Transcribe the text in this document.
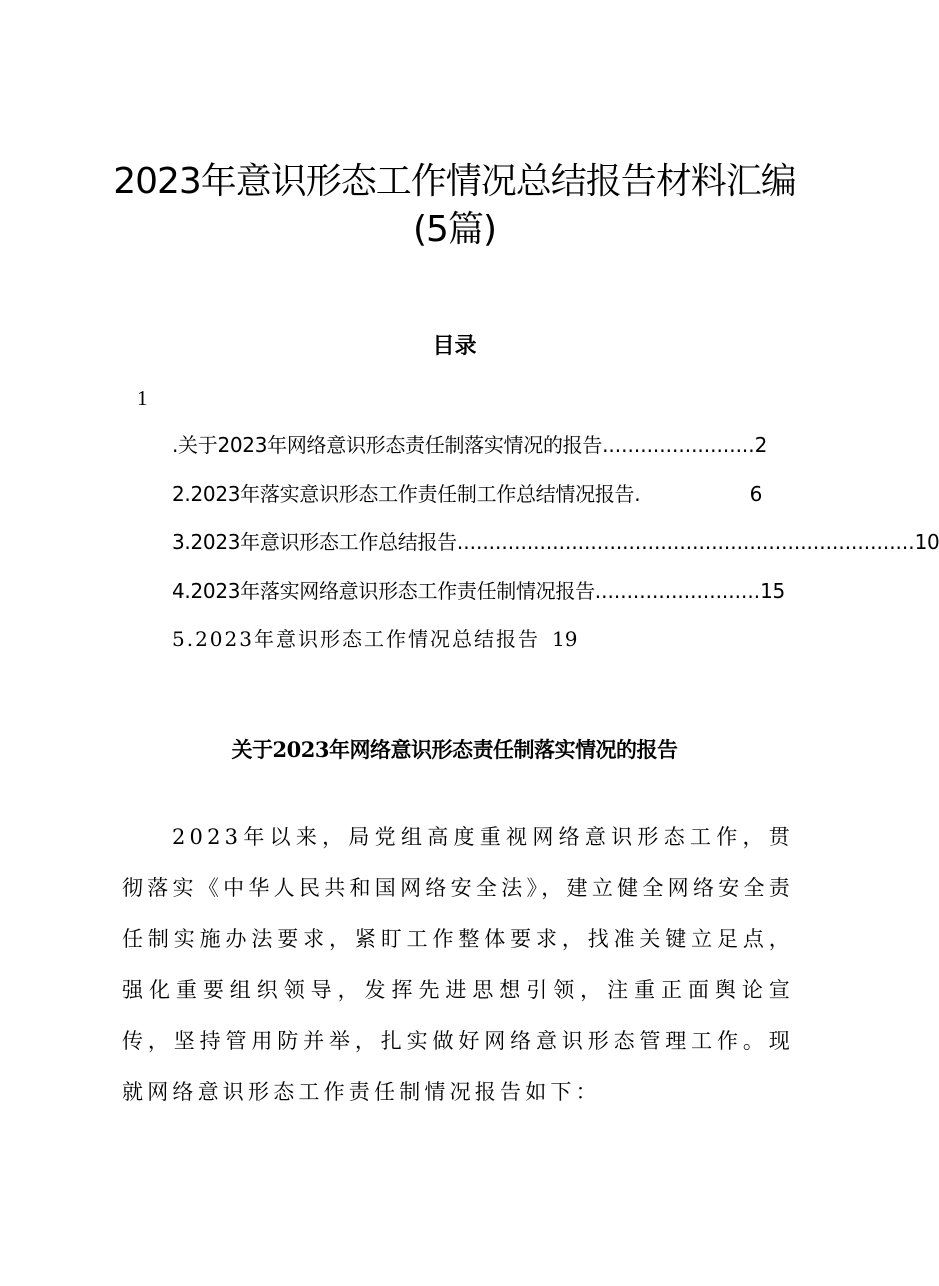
2023年意识形态工作情况总结报告材料汇编
(5篇)
目录
1
.关于2023年网络意识形态责任制落实情况的报告 ........................ 2
2.2023年落实意识形态工作责任制工作总结情况报告 .	6
3.2023年意识形态工作总结报告 ........................................................................ 10
4.2023年落实网络意识形态工作责任制情况报告 .......................... 15
5.2023年意识形态工作情况总结报告 19
关于2023年网络意识形态责任制落实情况的报告

2023年以来，局党组高度重视网络意识形态工作，贯彻落实《中华人民共和国网络安全法》，建立健全网络安全责任制实施办法要求，紧盯工作整体要求，找准关键立足点，强化重要组织领导，发挥先进思想引领，注重正面舆论宣传，坚持管用防并举，扎实做好网络意识形态管理工作。现就网络意识形态工作责任制情况报告如下：
